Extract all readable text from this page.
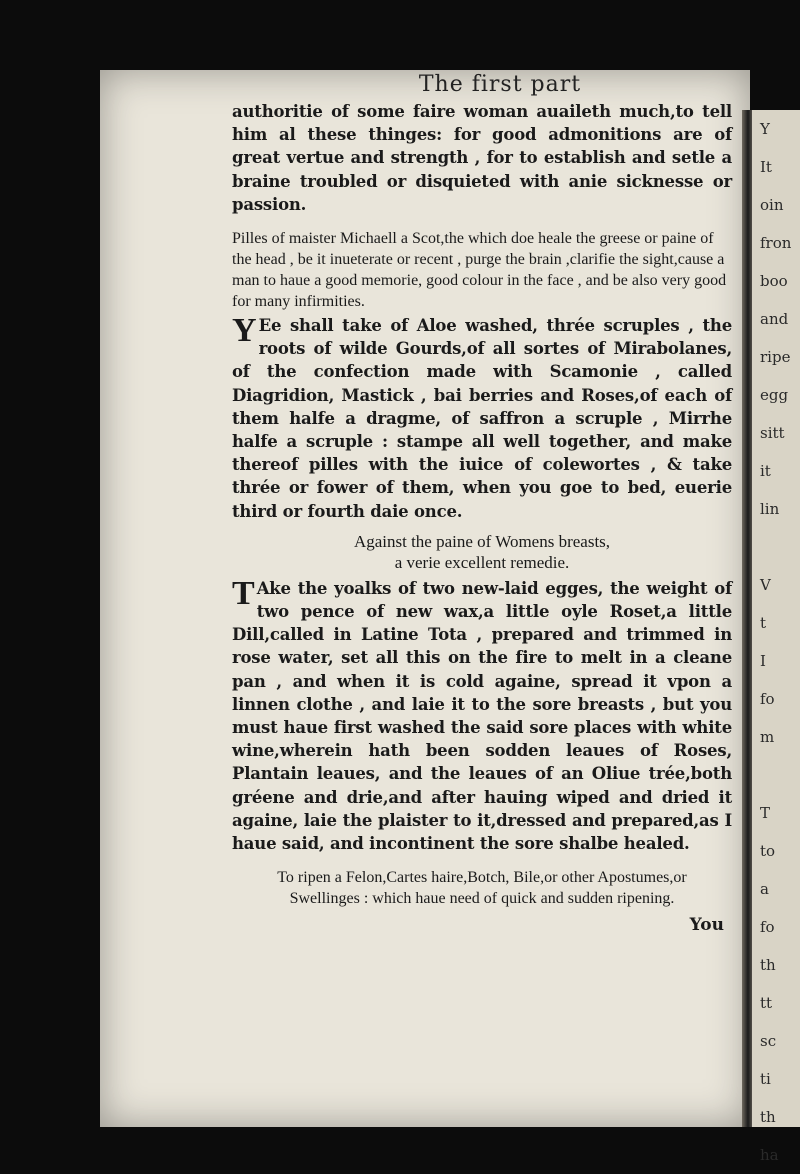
Y
It
oin
fron
boo
and
ripe
egg
sitt
it
lin
V
t
I
fo
m
T
to
a
fo
th
tt
sc
ti
th
ha
The first part

authoritie of some faire woman auaileth much,to tell him al these thinges: for good admonitions are of great vertue and strength , for to establish and setle a braine troubled or disquieted with anie sicknesse or passion.

Pilles of maister Michaell a Scot,the which doe heale the greese or paine of the head , be it inueterate or recent , purge the brain ,clarifie the sight,cause a man to haue a good memorie, good colour in the face , and be also very good for many infirmities.

Y Ee shall take of Aloe washed, thrée scruples , the roots of wilde Gourds,of all sortes of Mirabolanes, of the confection made with Scamonie , called Diagridion, Mastick , bai berries and Roses,of each of them halfe a dragme, of saffron a scruple , Mirrhe halfe a scruple : stampe all well together, and make thereof pilles with the iuice of colewortes , & take thrée or fower of them, when you goe to bed, euerie third or fourth daie once.

Against the paine of Womens breasts,

a verie excellent remedie.

T Ake the yoalks of two new-laid egges, the weight of two pence of new wax,a little oyle Roset,a little Dill,called in Latine Tota , prepared and trimmed in rose water, set all this on the fire to melt in a cleane pan , and when it is cold againe, spread it vpon a linnen clothe , and laie it to the sore breasts , but you must haue first washed the said sore places with white wine,wherein hath been sodden leaues of Roses, Plantain leaues, and the leaues of an Oliue trée,both gréene and drie,and after hauing wiped and dried it againe, laie the plaister to it,dressed and prepared,as I haue said, and incontinent the sore shalbe healed.

To ripen a Felon,Cartes haire,Botch, Bile,or other Apostumes,or Swellinges : which haue need of quick and sudden ripening.

You
